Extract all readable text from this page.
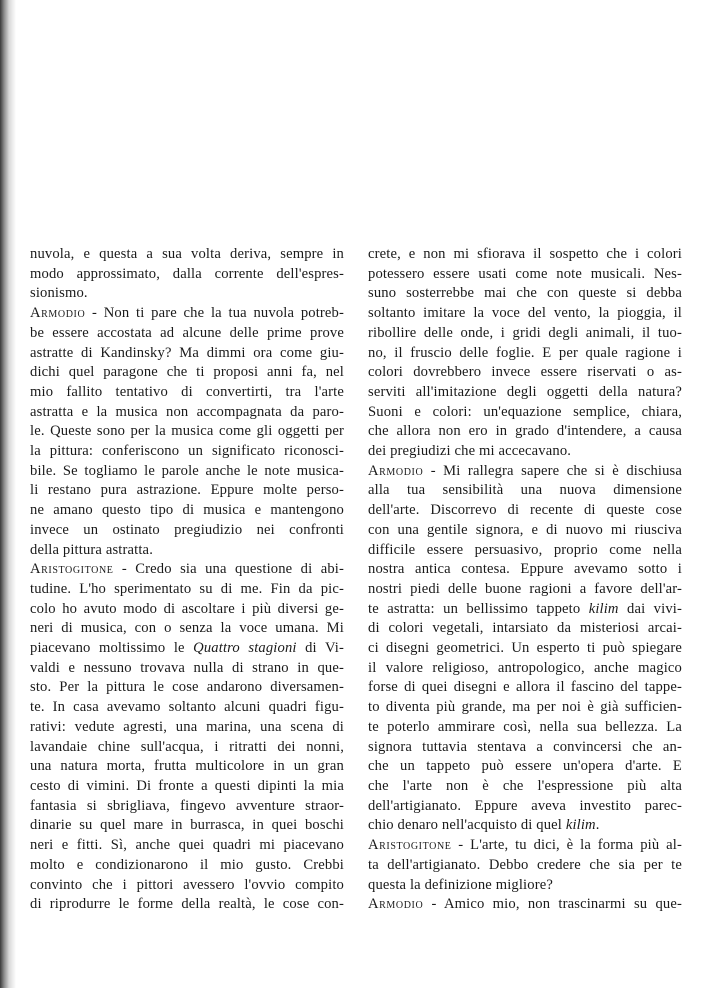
nuvola, e questa a sua volta deriva, sempre in
modo approssimato, dalla corrente dell'espres-
sionismo.
Armodio - Non ti pare che la tua nuvola potreb-
be essere accostata ad alcune delle prime prove
astratte di Kandinsky? Ma dimmi ora come giu-
dichi quel paragone che ti proposi anni fa, nel
mio fallito tentativo di convertirti, tra l'arte
astratta e la musica non accompagnata da paro-
le. Queste sono per la musica come gli oggetti per
la pittura: conferiscono un significato riconosci-
bile. Se togliamo le parole anche le note musica-
li restano pura astrazione. Eppure molte perso-
ne amano questo tipo di musica e mantengono
invece un ostinato pregiudizio nei confronti
della pittura astratta.
Aristogitone - Credo sia una questione di abi-
tudine. L'ho sperimentato su di me. Fin da pic-
colo ho avuto modo di ascoltare i più diversi ge-
neri di musica, con o senza la voce umana. Mi
piacevano moltissimo le Quattro stagioni di Vi-
valdi e nessuno trovava nulla di strano in que-
sto. Per la pittura le cose andarono diversamen-
te. In casa avevamo soltanto alcuni quadri figu-
rativi: vedute agresti, una marina, una scena di
lavandaie chine sull'acqua, i ritratti dei nonni,
una natura morta, frutta multicolore in un gran
cesto di vimini. Di fronte a questi dipinti la mia
fantasia si sbrigliava, fingevo avventure straor-
dinarie su quel mare in burrasca, in quei boschi
neri e fitti. Sì, anche quei quadri mi piacevano
molto e condizionarono il mio gusto. Crebbi
convinto che i pittori avessero l'ovvio compito
di riprodurre le forme della realtà, le cose con-
crete, e non mi sfiorava il sospetto che i colori
potessero essere usati come note musicali. Nes-
suno sosterrebbe mai che con queste si debba
soltanto imitare la voce del vento, la pioggia, il
ribollire delle onde, i gridi degli animali, il tuo-
no, il fruscio delle foglie. E per quale ragione i
colori dovrebbero invece essere riservati o as-
serviti all'imitazione degli oggetti della natura?
Suoni e colori: un'equazione semplice, chiara,
che allora non ero in grado d'intendere, a causa
dei pregiudizi che mi accecavano.
Armodio - Mi rallegra sapere che si è dischiusa
alla tua sensibilità una nuova dimensione
dell'arte. Discorrevo di recente di queste cose
con una gentile signora, e di nuovo mi riusciva
difficile essere persuasivo, proprio come nella
nostra antica contesa. Eppure avevamo sotto i
nostri piedi delle buone ragioni a favore dell'ar-
te astratta: un bellissimo tappeto kilim dai vivi-
di colori vegetali, intarsiato da misteriosi arcai-
ci disegni geometrici. Un esperto ti può spiegare
il valore religioso, antropologico, anche magico
forse di quei disegni e allora il fascino del tappe-
to diventa più grande, ma per noi è già sufficien-
te poterlo ammirare così, nella sua bellezza. La
signora tuttavia stentava a convincersi che an-
che un tappeto può essere un'opera d'arte. E
che l'arte non è che l'espressione più alta
dell'artigianato. Eppure aveva investito parec-
chio denaro nell'acquisto di quel kilim.
Aristogitone - L'arte, tu dici, è la forma più al-
ta dell'artigianato. Debbo credere che sia per te
questa la definizione migliore?
Armodio - Amico mio, non trascinarmi su que-
